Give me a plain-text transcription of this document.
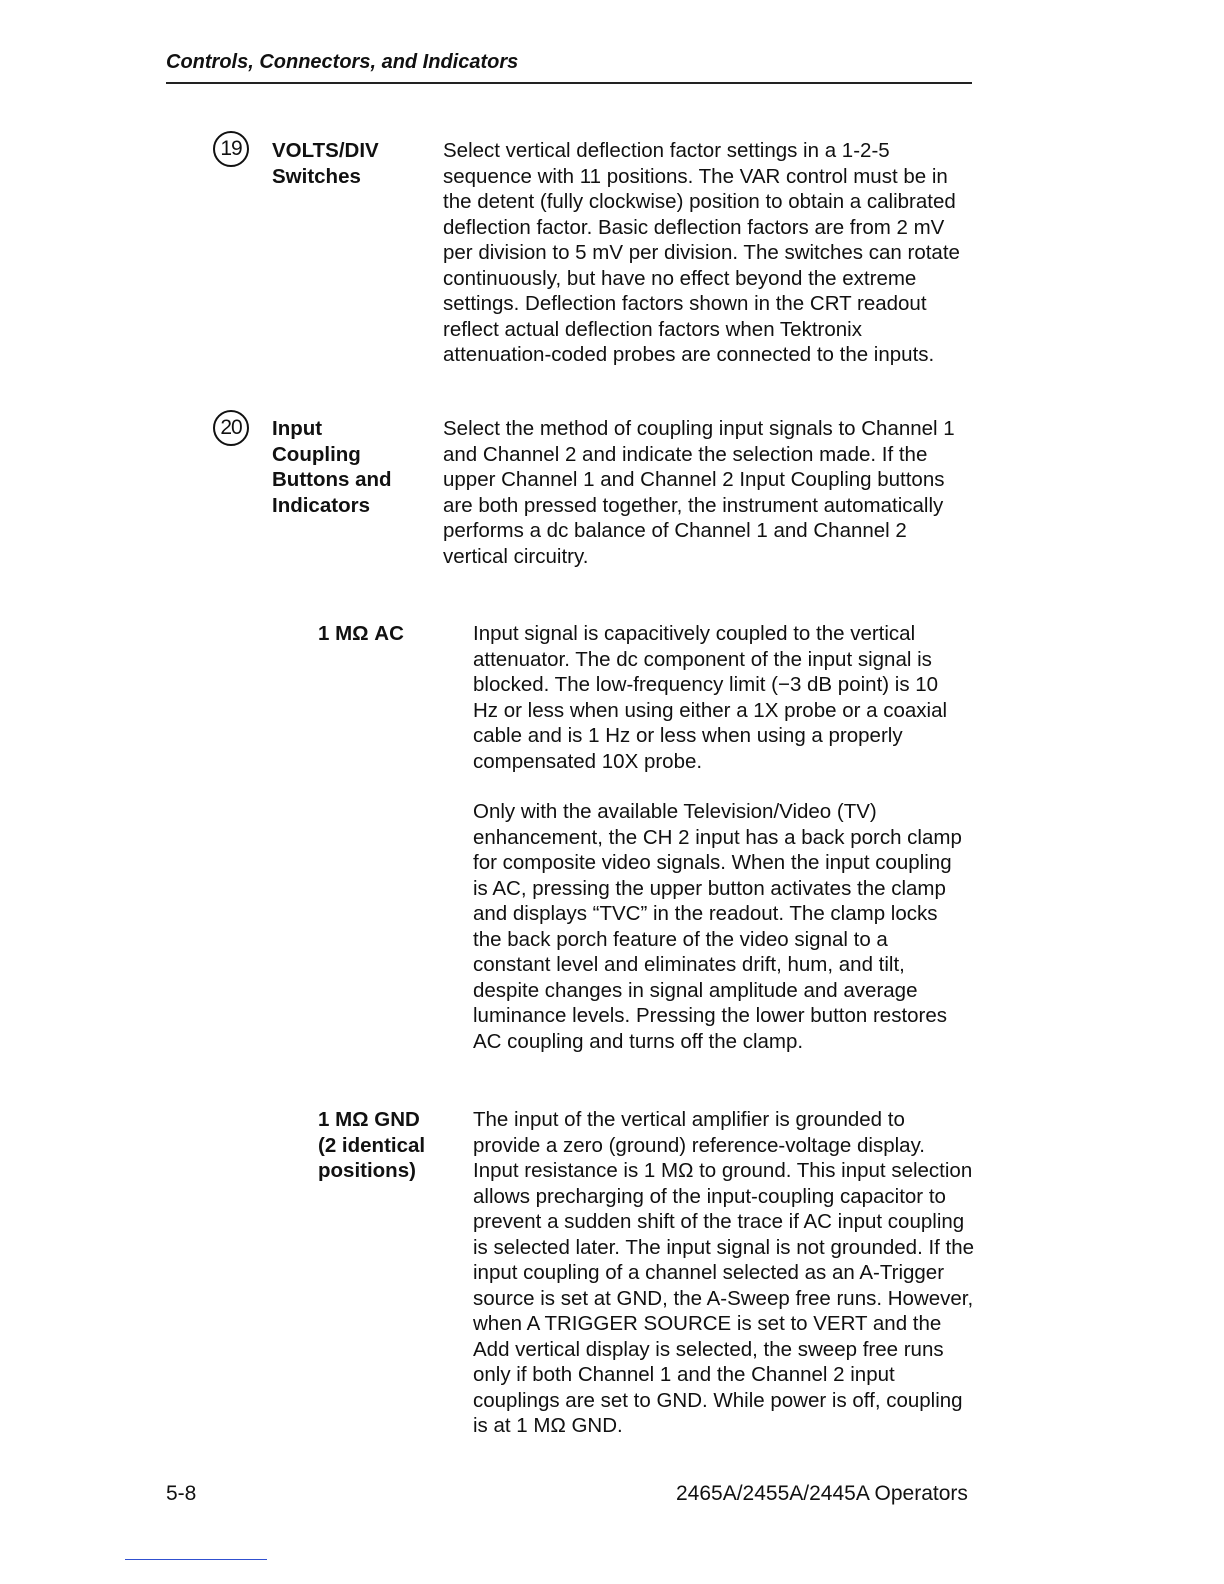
Controls, Connectors, and Indicators
19	VOLTS/DIV
Switches

Select vertical deflection factor settings in a 1-2-5 sequence with 11 positions. The VAR control must be in the detent (fully clockwise) position to obtain a calibrated deflection factor. Basic deflection factors are from 2 mV per division to 5 mV per division. The switches can rotate continuously, but have no effect beyond the extreme settings. Deflection factors shown in the CRT readout reflect actual deflection factors when Tektronix attenuation-coded probes are connected to the inputs.

20	Input
Coupling
Buttons and
Indicators

Select the method of coupling input signals to Channel 1 and Channel 2 and indicate the selection made. If the upper Channel 1 and Channel 2 Input Coupling buttons are both pressed together, the instrument automatically performs a dc balance of Channel 1 and Channel 2 vertical circuitry.

1 MΩ AC	Input signal is capacitively coupled to the vertical attenuator. The dc component of the input signal is blocked. The low-frequency limit (−3 dB point) is 10 Hz or less when using either a 1X probe or a coaxial cable and is 1 Hz or less when using a properly compensated 10X probe.

Only with the available Television/Video (TV) enhancement, the CH 2 input has a back porch clamp for composite video signals. When the input coupling is AC, pressing the upper button activates the clamp and displays “TVC” in the readout. The clamp locks the back porch feature of the video signal to a constant level and eliminates drift, hum, and tilt, despite changes in signal amplitude and average luminance levels. Pressing the lower button restores AC coupling and turns off the clamp.

1 MΩ GND
(2 identical
positions)

The input of the vertical amplifier is grounded to provide a zero (ground) reference-voltage display. Input resistance is 1 MΩ to ground. This input selection allows precharging of the input-coupling capacitor to prevent a sudden shift of the trace if AC input coupling is selected later. The input signal is not grounded. If the input coupling of a channel selected as an A-Trigger source is set at GND, the A-Sweep free runs. However, when A TRIGGER SOURCE is set to VERT and the Add vertical display is selected, the sweep free runs only if both Channel 1 and the Channel 2 input couplings are set to GND. While power is off, coupling is at 1 MΩ GND.

5-8	2465A/2455A/2445A Operators
